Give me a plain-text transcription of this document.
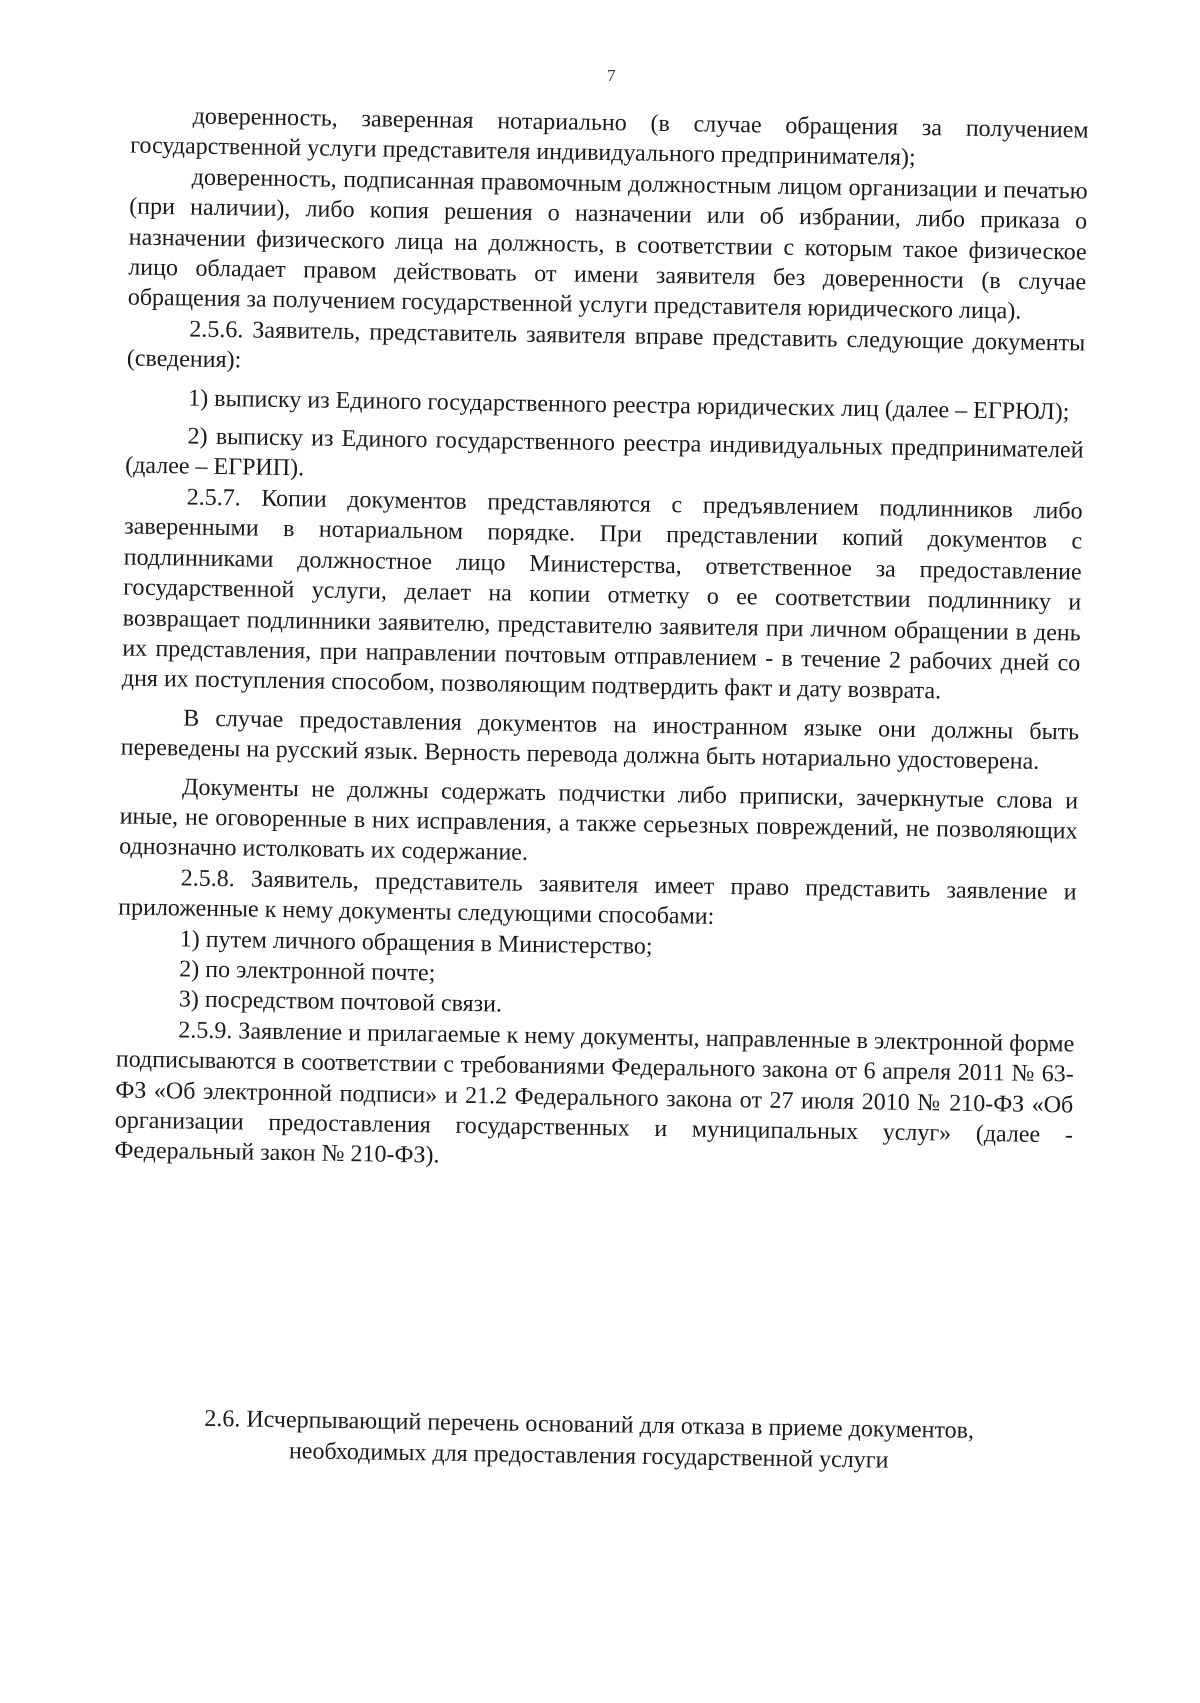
7

доверенность, заверенная нотариально (в случае обращения за получением государственной услуги представителя индивидуального предпринимателя);

доверенность, подписанная правомочным должностным лицом организации и печатью (при наличии), либо копия решения о назначении или об избрании, либо приказа о назначении физического лица на должность, в соответствии с которым такое физическое лицо обладает правом действовать от имени заявителя без доверенности (в случае обращения за получением государственной услуги представителя юридического лица).

2.5.6. Заявитель, представитель заявителя вправе представить следующие документы (сведения):

1) выписку из Единого государственного реестра юридических лиц (далее – ЕГРЮЛ);

2) выписку из Единого государственного реестра индивидуальных предпринимателей (далее – ЕГРИП).

2.5.7. Копии документов представляются с предъявлением подлинников либо заверенными в нотариальном порядке. При представлении копий документов с подлинниками должностное лицо Министерства, ответственное за предоставление государственной услуги, делает на копии отметку о ее соответствии подлиннику и возвращает подлинники заявителю, представителю заявителя при личном обращении в день их представления, при направлении почтовым отправлением - в течение 2 рабочих дней со дня их поступления способом, позволяющим подтвердить факт и дату возврата.

В случае предоставления документов на иностранном языке они должны быть переведены на русский язык. Верность перевода должна быть нотариально удостоверена.

Документы не должны содержать подчистки либо приписки, зачеркнутые слова и иные, не оговоренные в них исправления, а также серьезных повреждений, не позволяющих однозначно истолковать их содержание.

2.5.8. Заявитель, представитель заявителя имеет право представить заявление и приложенные к нему документы следующими способами:

1) путем личного обращения в Министерство;

2) по электронной почте;

3) посредством почтовой связи.

2.5.9. Заявление и прилагаемые к нему документы, направленные в электронной форме подписываются в соответствии с требованиями Федерального закона от 6 апреля 2011 № 63-ФЗ «Об электронной подписи» и 21.2 Федерального закона от 27 июля 2010 № 210-ФЗ «Об организации предоставления государственных и муниципальных услуг» (далее - Федеральный закон № 210-ФЗ).

2.6. Исчерпывающий перечень оснований для отказа в приеме документов,
необходимых для предоставления государственной услуги
